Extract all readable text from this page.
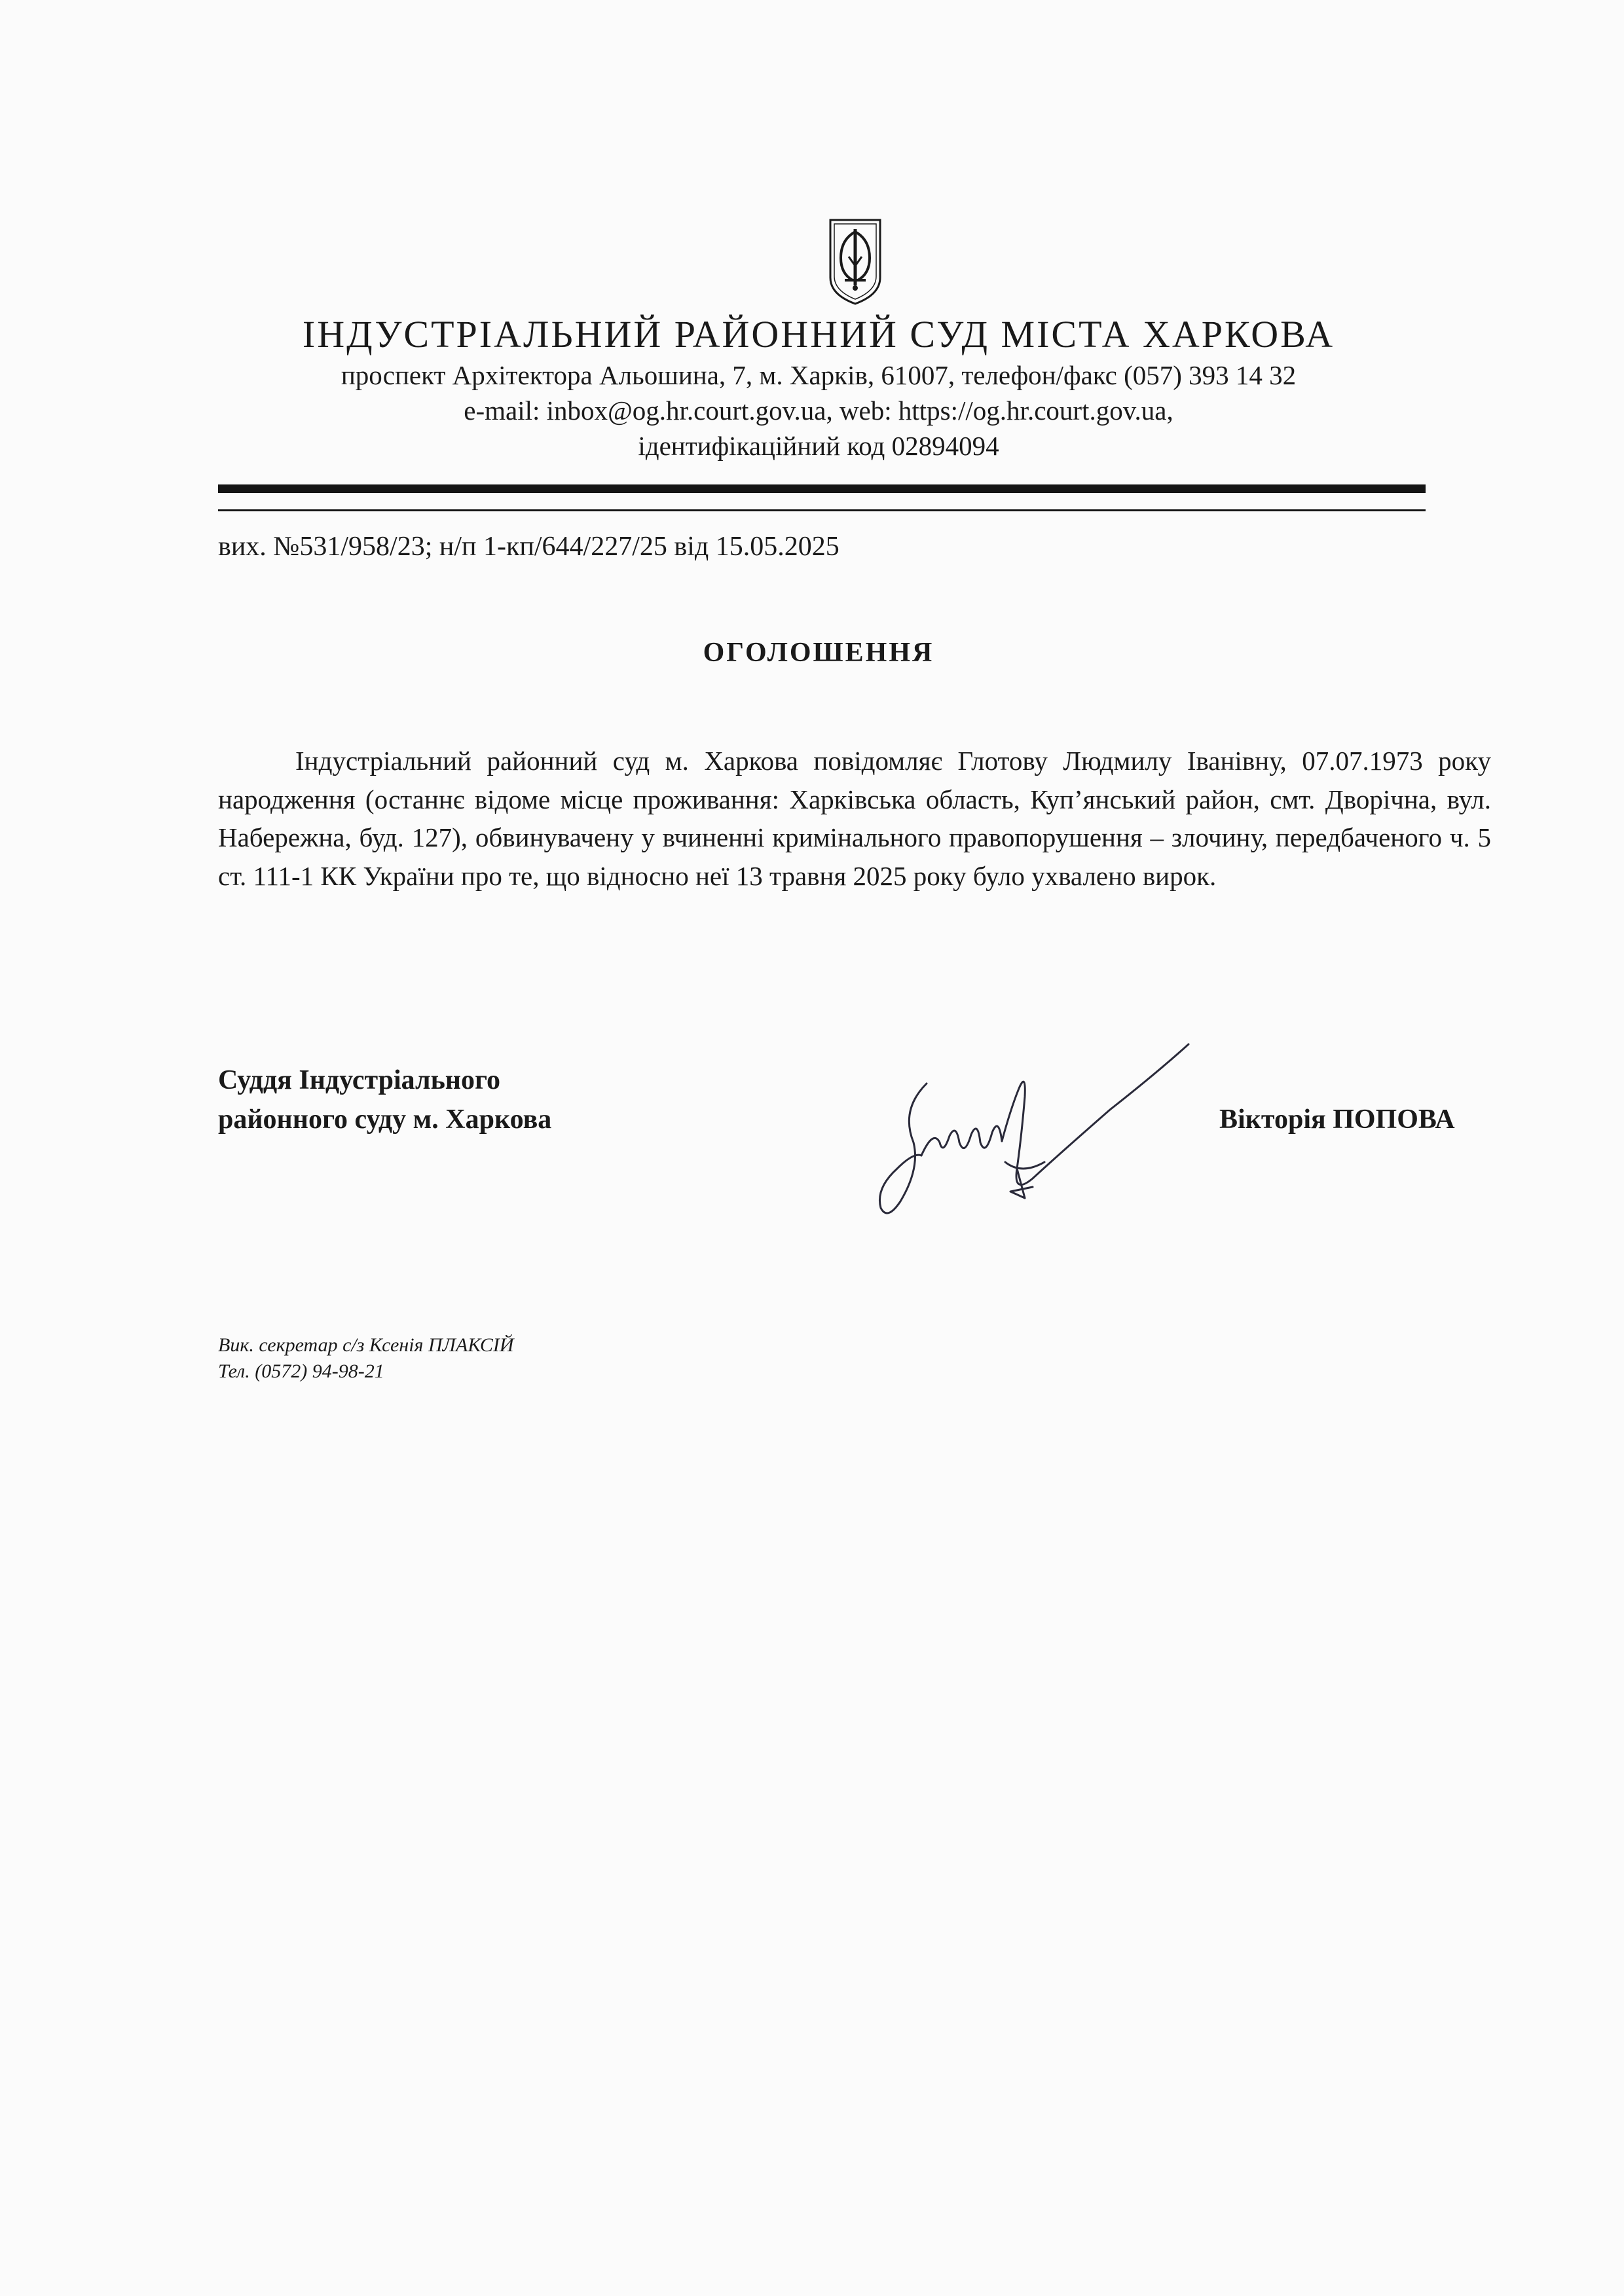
ІНДУСТРІАЛЬНИЙ РАЙОННИЙ СУД МІСТА ХАРКОВА
проспект Архітектора Альошина, 7, м. Харків, 61007, телефон/факс (057) 393 14 32
e-mail: inbox@og.hr.court.gov.ua, web: https://og.hr.court.gov.ua,
ідентифікаційний код 02894094
вих. №531/958/23; н/п 1-кп/644/227/25 від 15.05.2025
ОГОЛОШЕННЯ

Індустріальний районний суд м. Харкова повідомляє Глотову Людмилу Іванівну, 07.07.1973 року народження (останнє відоме місце проживання: Харківська область, Куп’янський район, смт. Дворічна, вул. Набережна, буд. 127), обвинувачену у вчиненні кримінального правопорушення – злочину, передбаченого ч. 5 ст. 111-1 КК України про те, що відносно неї 13 травня 2025 року було ухвалено вирок.

Суддя Індустріального
районного суду м. Харкова	Вікторія ПОПОВА
Вик. секретар с/з Ксенія ПЛАКСІЙ
Тел. (0572) 94-98-21
